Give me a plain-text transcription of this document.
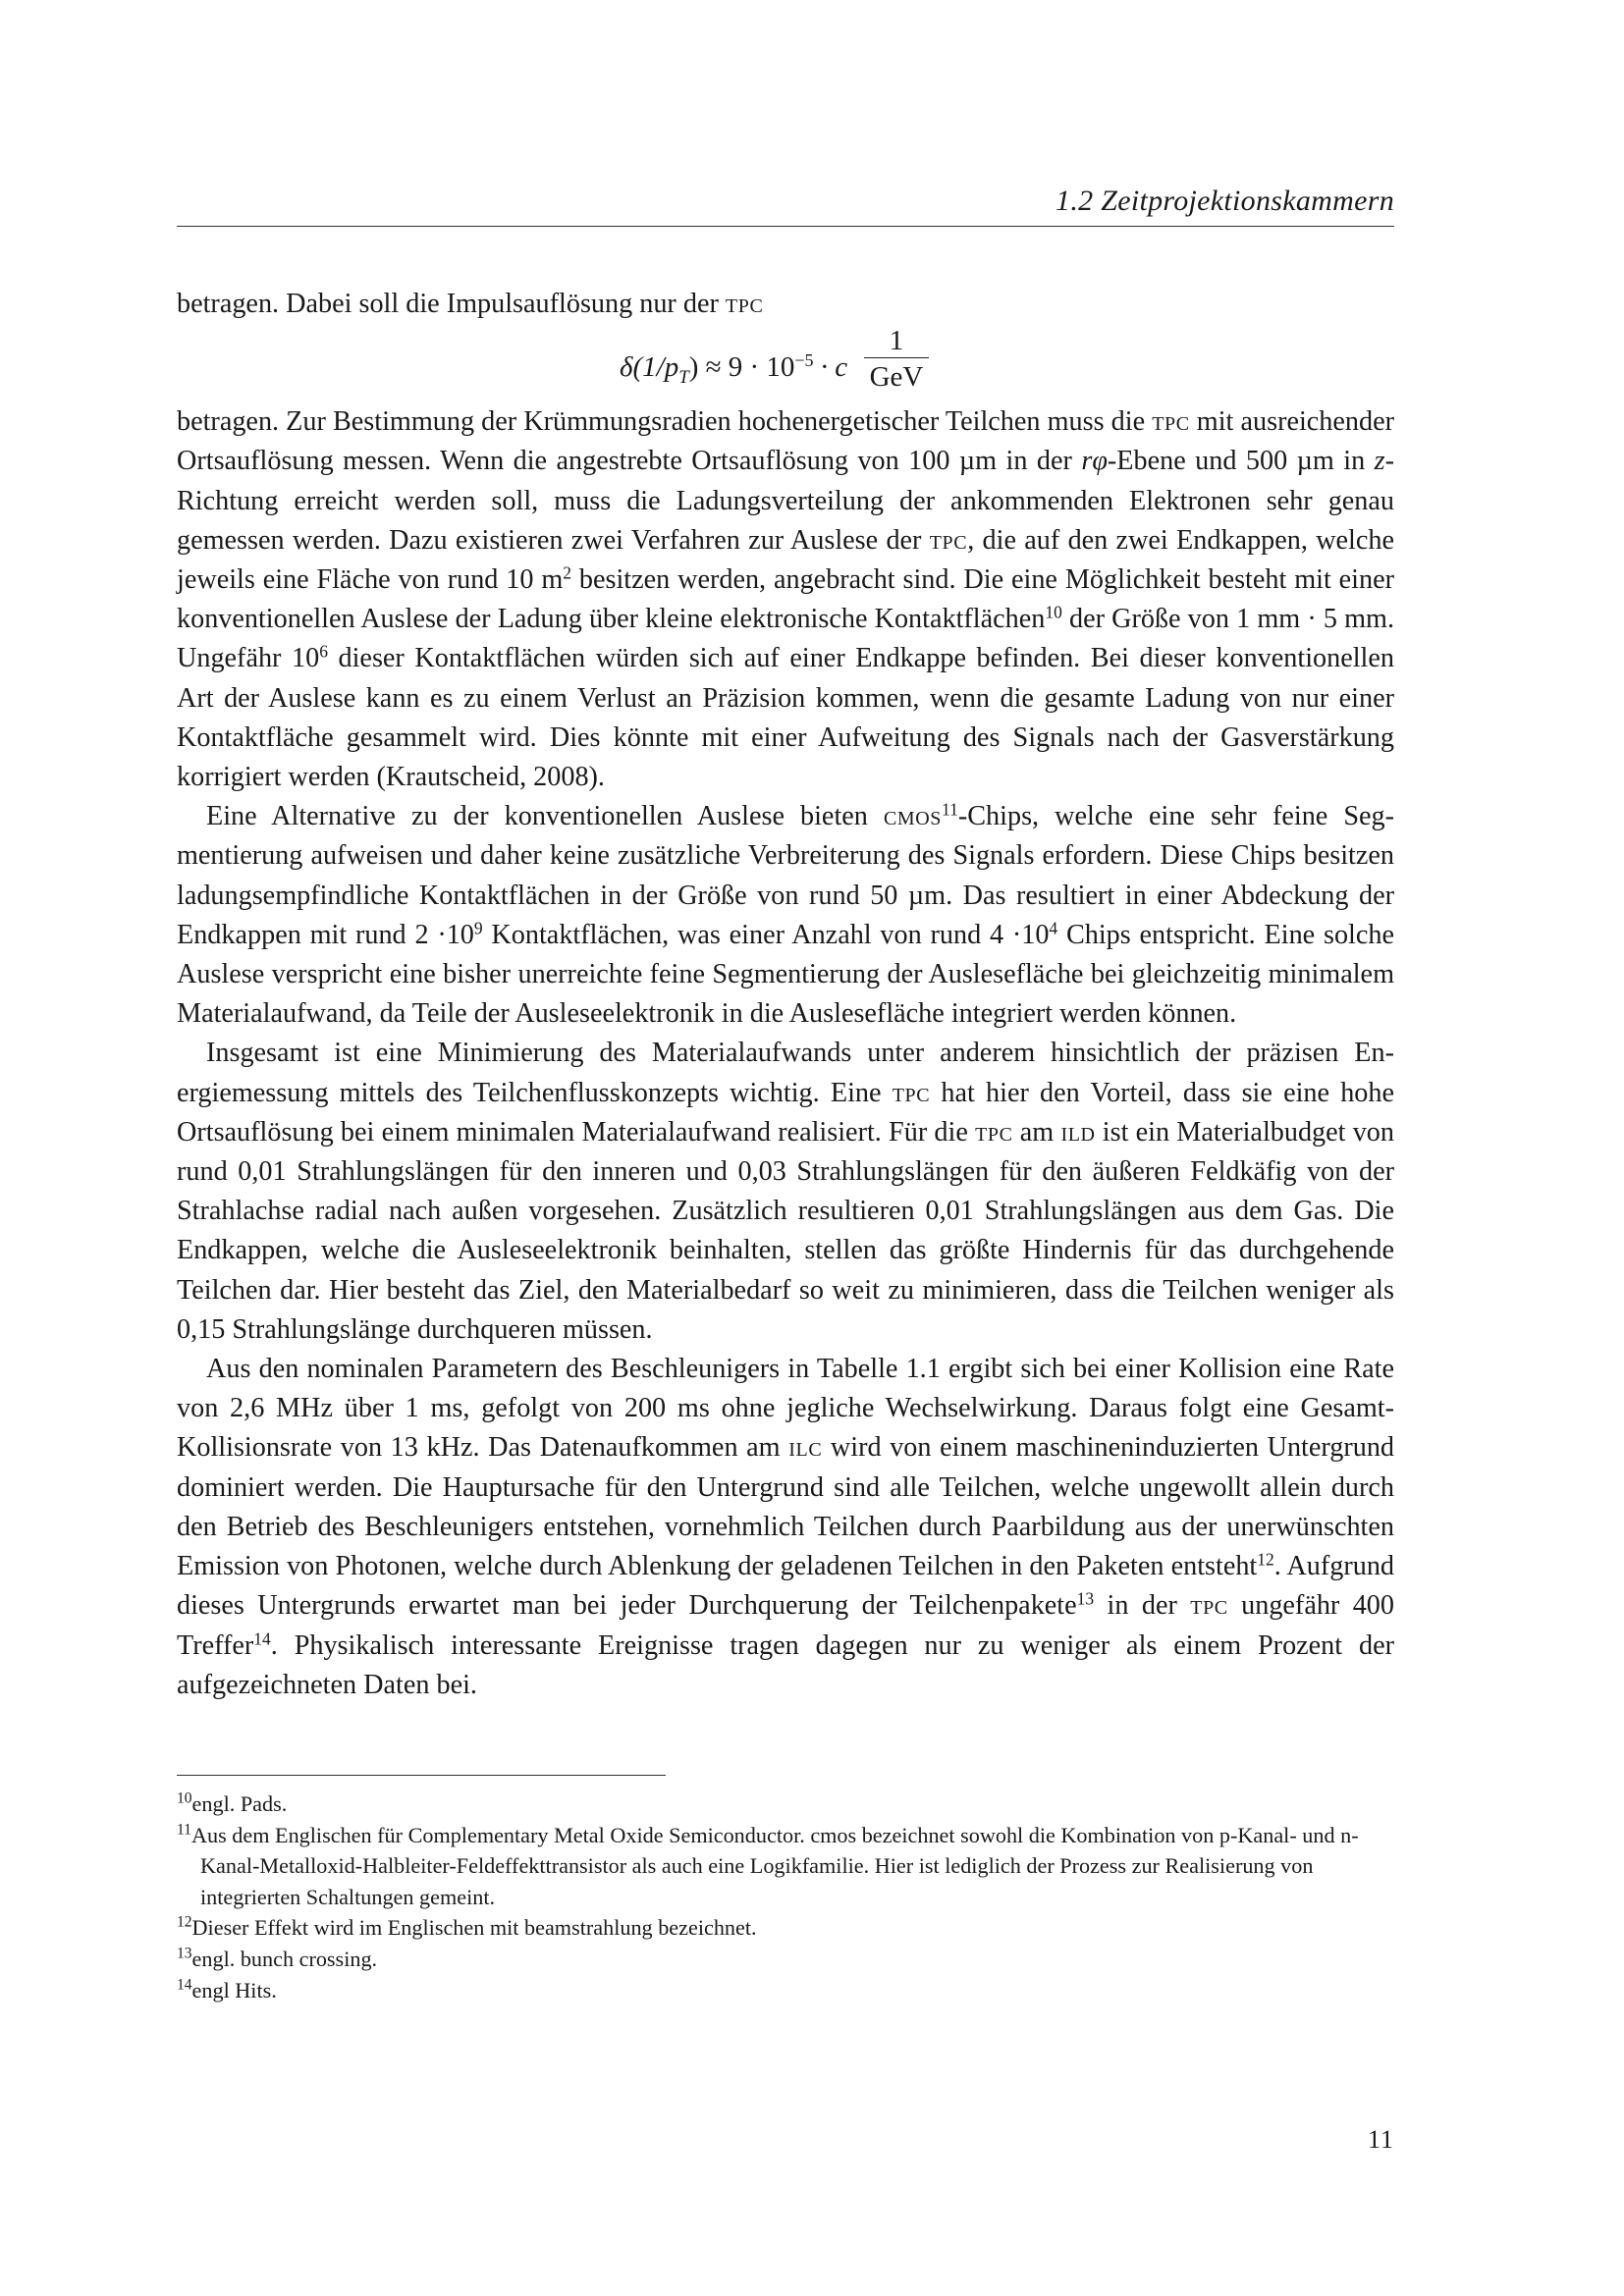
1.2 Zeitprojektionskammern

betragen. Dabei soll die Impulsauflösung nur der tpc

$\delta(1/p_T) \approx 9 \cdot 10^{-5} \cdot c$
1
GeV

betragen. Zur Bestimmung der Krümmungsradien hochenergetischer Teilchen muss die tpc mit ausreichender Ortsauflösung messen. Wenn die angestrebte Ortsauflösung von 100 µm in der rφ-Ebene und 500 µm in z-Richtung erreicht werden soll, muss die Ladungsverteilung der ankommenden Elektronen sehr genau gemessen werden. Dazu existieren zwei Verfahren zur Auslese der tpc, die auf den zwei Endkappen, welche jeweils eine Fläche von rund 10 $m^2$ besitzen werden, angebracht sind. Die eine Möglichkeit besteht mit einer konventionellen Auslese der Ladung über kleine elektronische Kontaktflächen$^{10}$ der Größe von 1 mm · 5 mm. Ungefähr $10^6$ dieser Kontaktflächen würden sich auf einer Endkappe befinden. Bei dieser konventionellen Art der Auslese kann es zu einem Verlust an Präzision kommen, wenn die gesamte Ladung von nur einer Kontaktfläche gesammelt wird. Dies könnte mit einer Aufweitung des Signals nach der Gasverstärkung korrigiert werden (Krautscheid, 2008).

Eine Alternative zu der konventionellen Auslese bieten cmos$^{11}$-Chips, welche eine sehr feine Segmentierung aufweisen und daher keine zusätzliche Verbreiterung des Signals erfordern. Diese Chips besitzen ladungsempfindliche Kontaktflächen in der Größe von rund 50 µm. Das resultiert in einer Abdeckung der Endkappen mit rund $2 \cdot 10^9$ Kontaktflächen, was einer Anzahl von rund $4 \cdot 10^4$ Chips entspricht. Eine solche Auslese verspricht eine bisher unerreichte feine Segmentierung der Auslesefläche bei gleichzeitig minimalem Materialaufwand, da Teile der Ausleseelektronik in die Auslesefläche integriert werden können.

Insgesamt ist eine Minimierung des Materialaufwands unter anderem hinsichtlich der präzisen Energiemessung mittels des Teilchenflusskonzepts wichtig. Eine tpc hat hier den Vorteil, dass sie eine hohe Ortsauflösung bei einem minimalen Materialaufwand realisiert. Für die tpc am ild ist ein Materialbudget von rund 0,01 Strahlungslängen für den inneren und 0,03 Strahlungslängen für den äußeren Feldkäfig von der Strahlachse radial nach außen vorgesehen. Zusätzlich resultieren 0,01 Strahlungslängen aus dem Gas. Die Endkappen, welche die Ausleseelektronik beinhalten, stellen das größte Hindernis für das durchgehende Teilchen dar. Hier besteht das Ziel, den Materialbedarf so weit zu minimieren, dass die Teilchen weniger als 0,15 Strahlungslänge durchqueren müssen.

Aus den nominalen Parametern des Beschleunigers in Tabelle 1.1 ergibt sich bei einer Kollision eine Rate von 2,6 MHz über 1 ms, gefolgt von 200 ms ohne jegliche Wechselwirkung. Daraus folgt eine Gesamt-Kollisionsrate von 13 kHz. Das Datenaufkommen am ilc wird von einem maschineninduzierten Untergrund dominiert werden. Die Hauptursache für den Untergrund sind alle Teilchen, welche ungewollt allein durch den Betrieb des Beschleunigers entstehen, vornehmlich Teilchen durch Paarbildung aus der unerwünschten Emission von Photonen, welche durch Ablenkung der geladenen Teilchen in den Paketen entsteht$^{12}$. Aufgrund dieses Untergrunds erwartet man bei jeder Durchquerung der Teilchenpakete$^{13}$ in der tpc ungefähr 400 Treffer$^{14}$. Physikalisch interessante Ereignisse tragen dagegen nur zu weniger als einem Prozent der aufgezeichneten Daten bei.

$^{10}$engl. Pads.
$^{11}$Aus dem Englischen für Complementary Metal Oxide Semiconductor. cmos bezeichnet sowohl die Kombination von p-Kanal- und n-Kanal-Metalloxid-Halbleiter-Feldeffekttransistor als auch eine Logikfamilie. Hier ist lediglich der Prozess zur Realisierung von integrierten Schaltungen gemeint.
$^{12}$Dieser Effekt wird im Englischen mit beamstrahlung bezeichnet.
$^{13}$engl. bunch crossing.
$^{14}$engl Hits.
11
